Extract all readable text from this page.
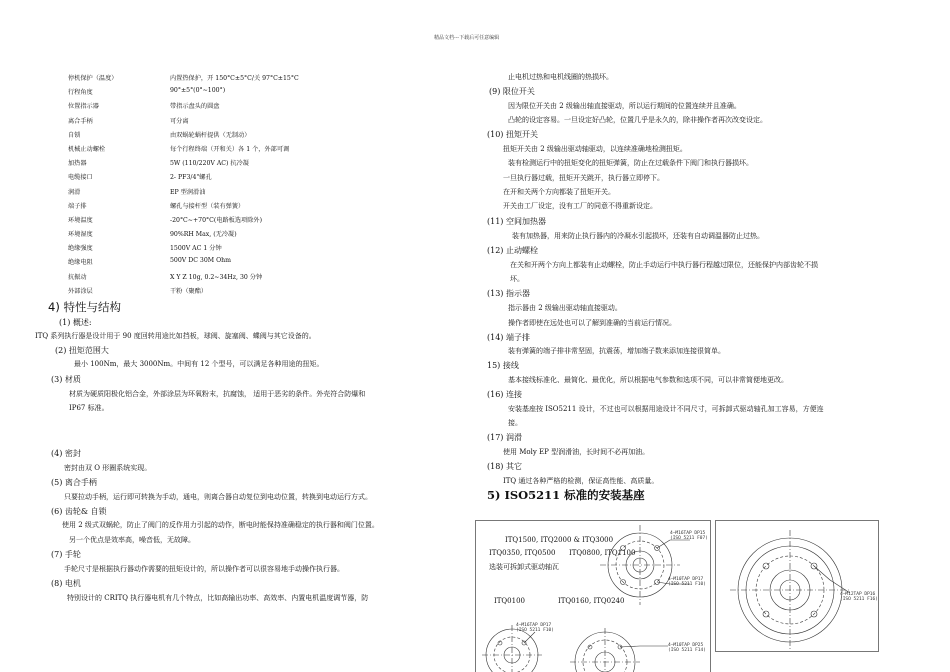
精品文档---下载后可任意编辑
停机保护（温度）	内置热保护，开 150°C±5°C/关 97°C±15°C
行程角度	90°±5°(0°~100°)
位置指示器	带指示盘头的圆盘
离合手柄	可分离
自锁	由双蜗轮蜗杆提供（无制动）
机械止动螺栓	每个行程终端（开和关）各 1 个，外部可调
加热器	5W (110/220V AC) 抗冷凝
电缆接口	2- PF3/4"螺孔
润滑	EP 型润滑油
端子排	螺孔与接杆型（装有弹簧）
环境温度	-20°C~+70°C(电路板选项除外)
环境湿度	90%RH Max, (无冷凝)
绝缘强度	1500V AC 1 分钟
绝缘电阻	500V DC 30M Ohm
抗振动	X Y Z 10g, 0.2~34Hz, 30 分钟
外部涂层	干粉（聚酯）
4) 特性与结构
(1) 概述:
ITQ 系列执行器是设计用于 90 度回转用途比如挡板，球阀、旋塞阀、蝶阀与其它设备的。
(2) 扭矩范围大
最小 100Nm，最大 3000Nm。中间有 12 个型号，可以满足各种用途的扭矩。
(3) 材质
材质为硬质阳极化铝合金，外部涂层为环氧粉末，抗腐蚀， 适用于恶劣的条件。外壳符合防爆和
IP67 标准。
(4) 密封
密封由双 O 形圈系统实现。
(5) 离合手柄
只要拉动手柄，运行即可转换为手动，通电，则离合器自动复位到电动位置，转换到电动运行方式。
(6) 齿轮& 自锁
使用 2 级式双蜗轮，防止了阀门的反作用力引起的动作，断电时能保持准确稳定的执行器和阀门位置。
另一个优点是效率高，噪音低，无故障。
(7) 手轮
手轮尺寸是根据执行器动作需要的扭矩设计的，所以操作者可以很容易地手动操作执行器。
(8) 电机
特别设计的 CRITQ 执行器电机有几个特点，比如高输出功率、高效率、内置电机温度调节器，防
止电机过热和电机线圈的热损坏。
(9) 限位开关
因为限位开关由 2 级输出轴直接驱动，所以运行期间的位置连续并且准确。
凸轮的设定容易。一旦设定好凸轮，位置几乎是永久的，除非操作者再次改变设定。
(10) 扭矩开关
扭矩开关由 2 级输出驱动轴驱动，以连续准确地检测扭矩。
装有检测运行中的扭矩变化的扭矩弹簧，防止在过载条件下阀门和执行器损坏。
一旦执行器过载，扭矩开关跳开，执行器立即停下。
在开和关两个方向都装了扭矩开关。
开关由工厂设定，没有工厂的同意不得重新设定。
(11) 空间加热器
装有加热器，用来防止执行器内的冷凝水引起损坏，还装有自动调温器防止过热。
(12) 止动螺栓
在关和开两个方向上都装有止动螺栓，防止手动运行中执行器行程越过限位，还能保护内部齿轮不损
坏。
(13) 指示器
指示器由 2 级输出驱动轴直接驱动。
操作者即使在远处也可以了解到准确的当前运行情况。
(14) 端子排
装有弹簧的端子排非常坚固，抗震荡，增加端子数来添加连接很简单。
15) 接线
基本接线标准化、最简化、最优化，所以根据电气参数和选项不同，可以非常简便地更改。
(16) 连接
安装基座按 ISO5211 设计，不过也可以根据用途设计不同尺寸，可拆卸式驱动轴孔加工容易，方便连
接。
(17) 润滑
使用 Moly EP 型润滑油，长时间不必再加油。
(18) 其它
ITQ 通过各种严格的检测，保证高性能、高质量。
5) ISO5211 标准的安装基座
ITQ1500, ITQ2000 & ITQ3000
ITQ0350, ITQ0500 ITQ0800, ITQ1100
选装可拆卸式驱动轴瓦
ITQ0100	ITQ0160, ITQ0240
4–M16TAP DP15
(ISO 5211 F07)
4–M10TAP DP17
(ISO 5211 F10)
4–M16TAP DP17
(ISO 5211 F10)
4–M10TAP DP25
(ISO 5211 F14)
4–M12TAP DP16
(ISO 5211 F16)
